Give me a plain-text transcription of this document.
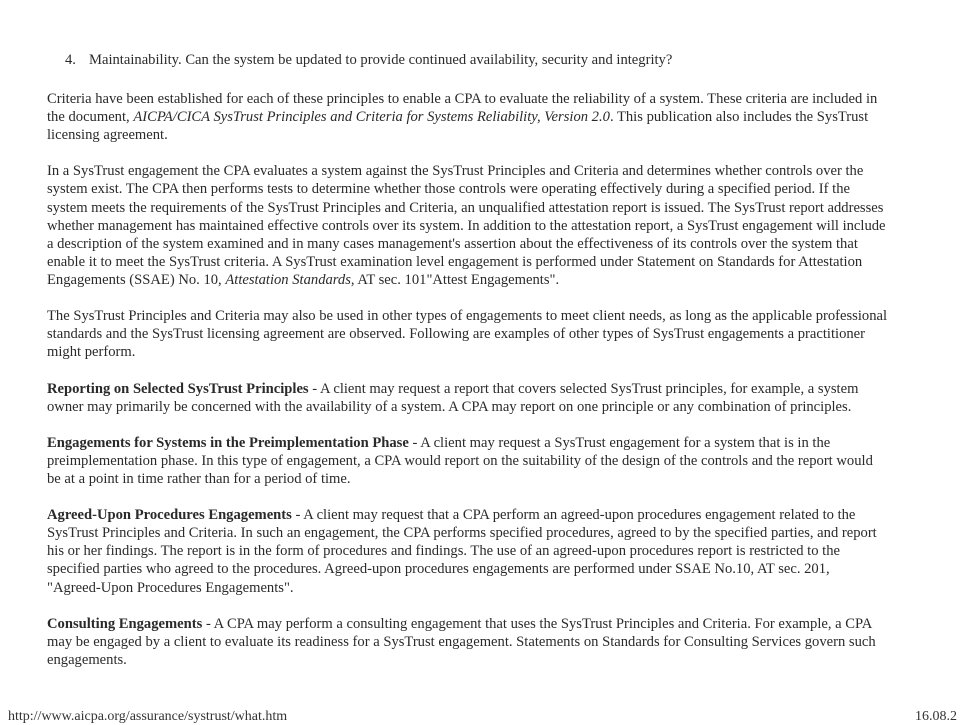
4. Maintainability. Can the system be updated to provide continued availability, security and integrity?
Criteria have been established for each of these principles to enable a CPA to evaluate the reliability of a system. These criteria are included in
the document, AICPA/CICA SysTrust Principles and Criteria for Systems Reliability, Version 2.0. This publication also includes the SysTrust
licensing agreement.
In a SysTrust engagement the CPA evaluates a system against the SysTrust Principles and Criteria and determines whether controls over the
system exist. The CPA then performs tests to determine whether those controls were operating effectively during a specified period. If the
system meets the requirements of the SysTrust Principles and Criteria, an unqualified attestation report is issued. The SysTrust report addresses
whether management has maintained effective controls over its system. In addition to the attestation report, a SysTrust engagement will include
a description of the system examined and in many cases management's assertion about the effectiveness of its controls over the system that
enable it to meet the SysTrust criteria. A SysTrust examination level engagement is performed under Statement on Standards for Attestation
Engagements (SSAE) No. 10, Attestation Standards, AT sec. 101"Attest Engagements".
The SysTrust Principles and Criteria may also be used in other types of engagements to meet client needs, as long as the applicable professional
standards and the SysTrust licensing agreement are observed. Following are examples of other types of SysTrust engagements a practitioner
might perform.
Reporting on Selected SysTrust Principles - A client may request a report that covers selected SysTrust principles, for example, a system
owner may primarily be concerned with the availability of a system. A CPA may report on one principle or any combination of principles.
Engagements for Systems in the Preimplementation Phase - A client may request a SysTrust engagement for a system that is in the
preimplementation phase. In this type of engagement, a CPA would report on the suitability of the design of the controls and the report would
be at a point in time rather than for a period of time.
Agreed-Upon Procedures Engagements - A client may request that a CPA perform an agreed-upon procedures engagement related to the
SysTrust Principles and Criteria. In such an engagement, the CPA performs specified procedures, agreed to by the specified parties, and report
his or her findings. The report is in the form of procedures and findings. The use of an agreed-upon procedures report is restricted to the
specified parties who agreed to the procedures. Agreed-upon procedures engagements are performed under SSAE No.10, AT sec. 201,
"Agreed-Upon Procedures Engagements".
Consulting Engagements - A CPA may perform a consulting engagement that uses the SysTrust Principles and Criteria. For example, a CPA
may be engaged by a client to evaluate its readiness for a SysTrust engagement. Statements on Standards for Consulting Services govern such
engagements.
http://www.aicpa.org/assurance/systrust/what.htm	16.08.2
